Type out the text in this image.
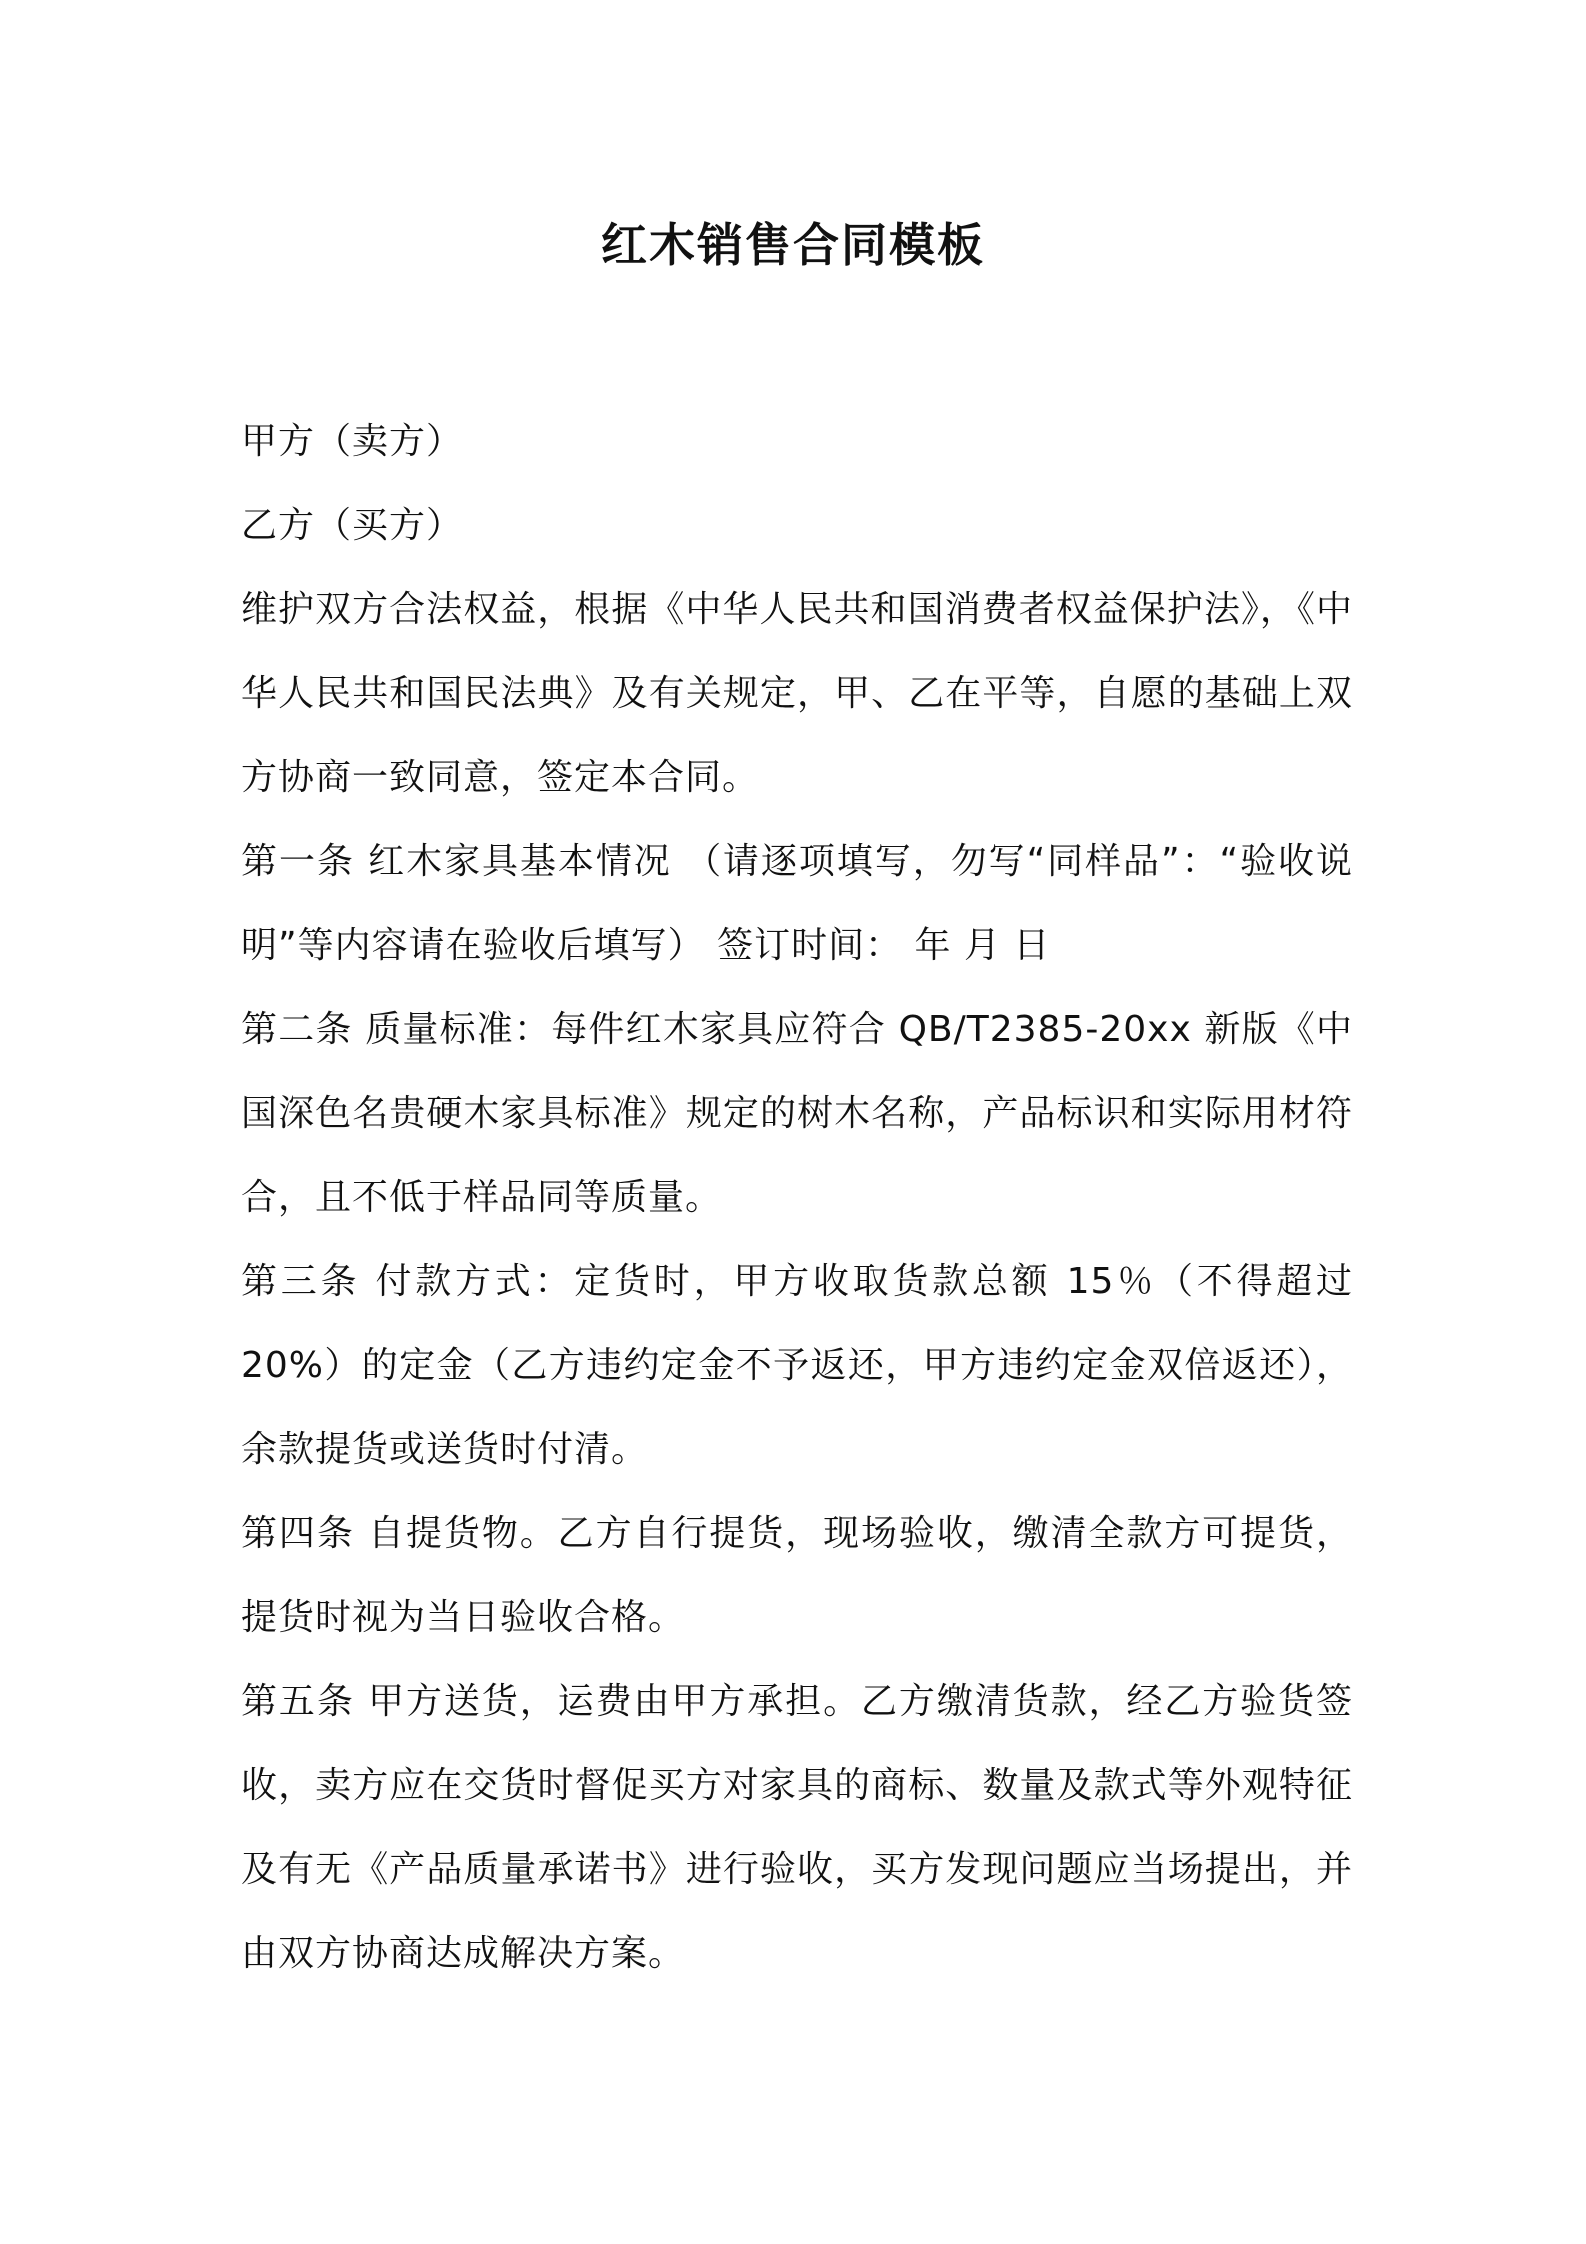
红木销售合同模板

甲方（卖方）

乙方（买方）

维护双方合法权益，根据《中华人民共和国消费者权益保护法》，《中华人民共和国民法典》及有关规定，甲、乙在平等，自愿的基础上双方协商一致同意，签定本合同。

第一条 红木家具基本情况 （请逐项填写，勿写“同样品”：“验收说明”等内容请在验收后填写） 签订时间： 年 月 日

第二条 质量标准：每件红木家具应符合 QB/T2385-20xx 新版《中国深色名贵硬木家具标准》规定的树木名称，产品标识和实际用材符合，且不低于样品同等质量。

第三条 付款方式：定货时，甲方收取货款总额 15％（不得超过 20%）的定金（乙方违约定金不予返还，甲方违约定金双倍返还），余款提货或送货时付清。

第四条 自提货物。乙方自行提货，现场验收，缴清全款方可提货，提货时视为当日验收合格。

第五条 甲方送货，运费由甲方承担。乙方缴清货款，经乙方验货签收，卖方应在交货时督促买方对家具的商标、数量及款式等外观特征及有无《产品质量承诺书》进行验收，买方发现问题应当场提出，并由双方协商达成解决方案。
